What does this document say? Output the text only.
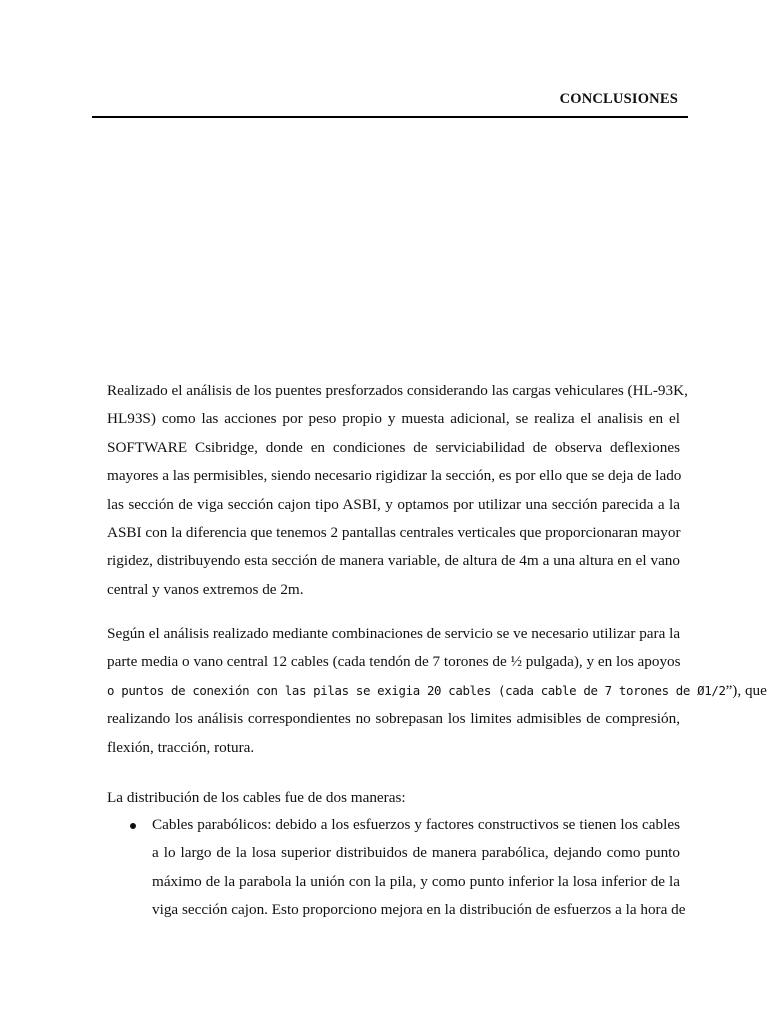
CONCLUSIONES
Realizado el análisis de los puentes presforzados considerando las cargas vehiculares (HL-93K,
HL93S) como las acciones por peso propio y muesta adicional, se realiza el analisis en el
SOFTWARE Csibridge, donde en condiciones de serviciabilidad de observa deflexiones
mayores a las permisibles, siendo necesario rigidizar la sección, es por ello que se deja de lado
las sección de viga sección cajon tipo ASBI, y optamos por utilizar una sección parecida a la
ASBI con la diferencia que tenemos 2 pantallas centrales verticales que proporcionaran mayor
rigidez, distribuyendo esta sección de manera variable, de altura de 4m a una altura en el vano
central y vanos extremos de 2m.
Según el análisis realizado mediante combinaciones de servicio se ve necesario utilizar para la
parte media o vano central 12 cables (cada tendón de 7 torones de ½ pulgada), y en los apoyos
o puntos de conexión con las pilas se exigia 20 cables (cada cable de 7 torones de Ø1/2”), que
realizando los análisis correspondientes no sobrepasan los limites admisibles de compresión,
flexión, tracción, rotura.
La distribución de los cables fue de dos maneras:
Cables parabólicos: debido a los esfuerzos y factores constructivos se tienen los cables
a lo largo de la losa superior distribuidos de manera parabólica, dejando como punto
máximo de la parabola la unión con la pila, y como punto inferior la losa inferior de la
viga sección cajon. Esto proporciono mejora en la distribución de esfuerzos a la hora de
